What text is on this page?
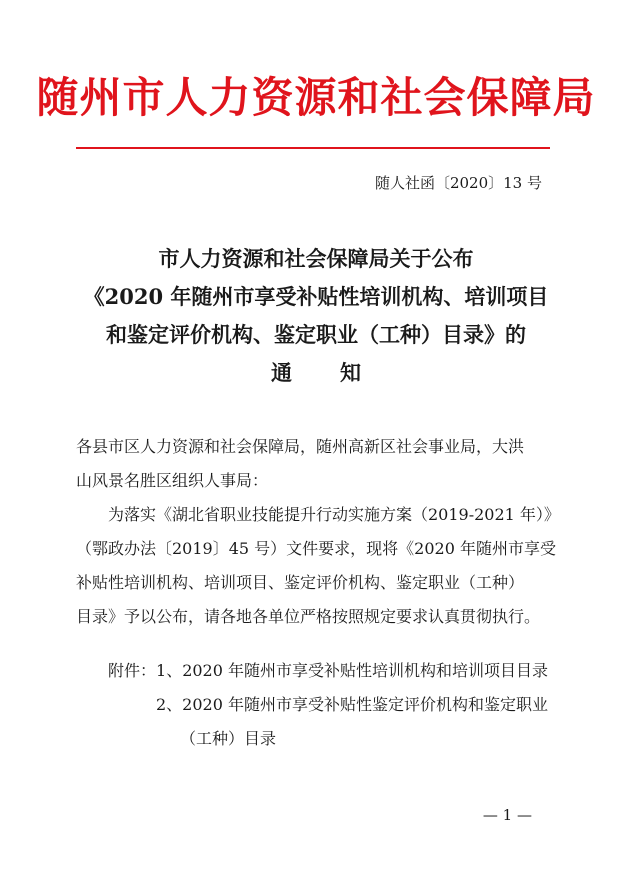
随州市人力资源和社会保障局
随人社函〔2020〕13 号
市人力资源和社会保障局关于公布
《2020 年随州市享受补贴性培训机构、培训项目
和鉴定评价机构、鉴定职业（工种）目录》的
通知
各县市区人力资源和社会保障局，随州高新区社会事业局，大洪
山风景名胜区组织人事局：
为落实《湖北省职业技能提升行动实施方案（2019-2021 年）》
（鄂政办法〔2019〕45 号）文件要求，现将《2020 年随州市享受
补贴性培训机构、培训项目、鉴定评价机构、鉴定职业（工种）
目录》予以公布，请各地各单位严格按照规定要求认真贯彻执行。
附件：1、2020 年随州市享受补贴性培训机构和培训项目目录
2、2020 年随州市享受补贴性鉴定评价机构和鉴定职业
（工种）目录
— 1 —
